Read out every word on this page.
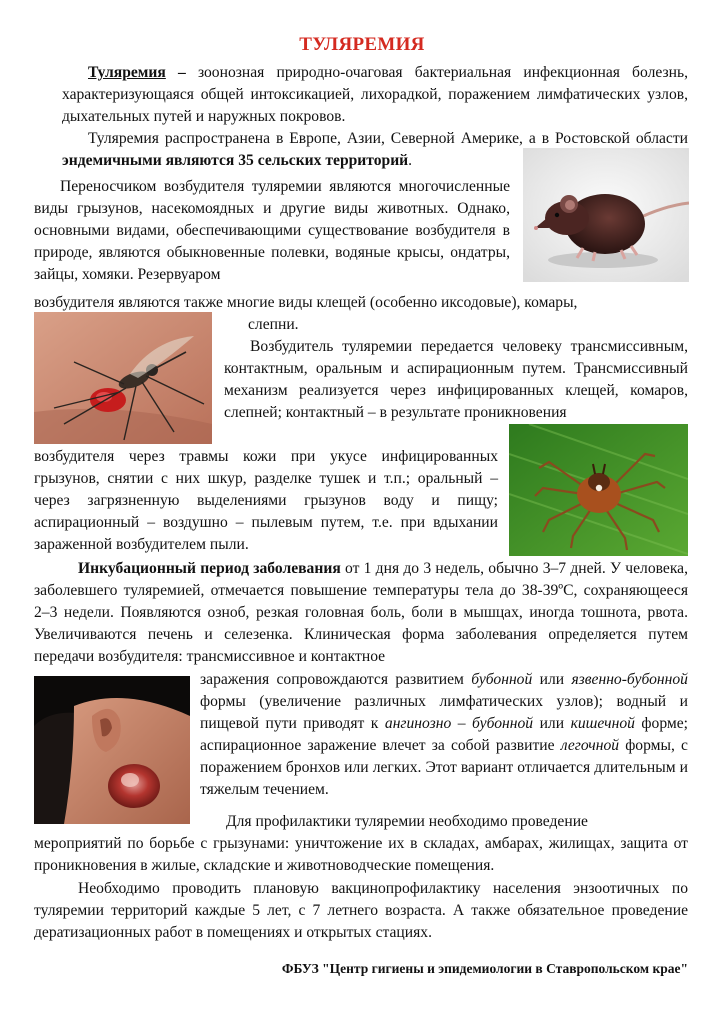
ТУЛЯРЕМИЯ

Туляремия – зоонозная природно-очаговая бактериальная инфекционная болезнь, характеризующаяся общей интоксикацией, лихорадкой, поражением лимфатических узлов, дыхательных путей и наружных покровов.

Туляремия распространена в Европе, Азии, Северной Америке, а в Ростовской области эндемичными являются 35 сельских территорий.

Переносчиком возбудителя туляремии являются многочисленные виды грызунов, насекомоядных и другие виды животных. Однако, основными видами, обеспечивающими существование возбудителя в природе, являются обыкновенные полевки, водяные крысы, ондатры, зайцы, хомяки. Резервуаром

возбудителя являются также многие виды клещей (особенно иксодовые), комары,

слепни.

Возбудитель туляремии передается человеку трансмиссивным, контактным, оральным и аспирационным путем. Трансмиссивный механизм реализуется через инфицированных клещей, комаров, слепней; контактный – в результате проникновения

возбудителя через травмы кожи при укусе инфицированных грызунов, снятии с них шкур, разделке тушек и т.п.; оральный – через загрязненную выделениями грызунов воду и пищу; аспирационный – воздушно – пылевым путем, т.е. при вдыхании зараженной возбудителем пыли.

Инкубационный период заболевания от 1 дня до 3 недель, обычно 3–7 дней. У человека, заболевшего туляремией, отмечается повышение температуры тела до 38-39ºС, сохраняющееся 2–3 недели. Появляются озноб, резкая головная боль, боли в мышцах, иногда тошнота, рвота. Увеличиваются печень и селезенка. Клиническая форма заболевания определяется путем передачи возбудителя: трансмиссивное и контактное

заражения сопровождаются развитием бубонной или язвенно-бубонной формы (увеличение различных лимфатических узлов); водный и пищевой пути приводят к ангинозно – бубонной или кишечной форме; аспирационное заражение влечет за собой развитие легочной формы, с поражением бронхов или легких. Этот вариант отличается длительным и тяжелым течением.

Для профилактики туляремии необходимо проведение

мероприятий по борьбе с грызунами: уничтожение их в складах, амбарах, жилищах, защита от проникновения в жилые, складские и животноводческие помещения.

Необходимо проводить плановую вакцинопрофилактику населения энзоотичных по туляремии территорий каждые 5 лет, с 7 летнего возраста. А также обязательное проведение дератизационных работ в помещениях и открытых стациях.

ФБУЗ "Центр гигиены и эпидемиологии в Ставропольском крае"
